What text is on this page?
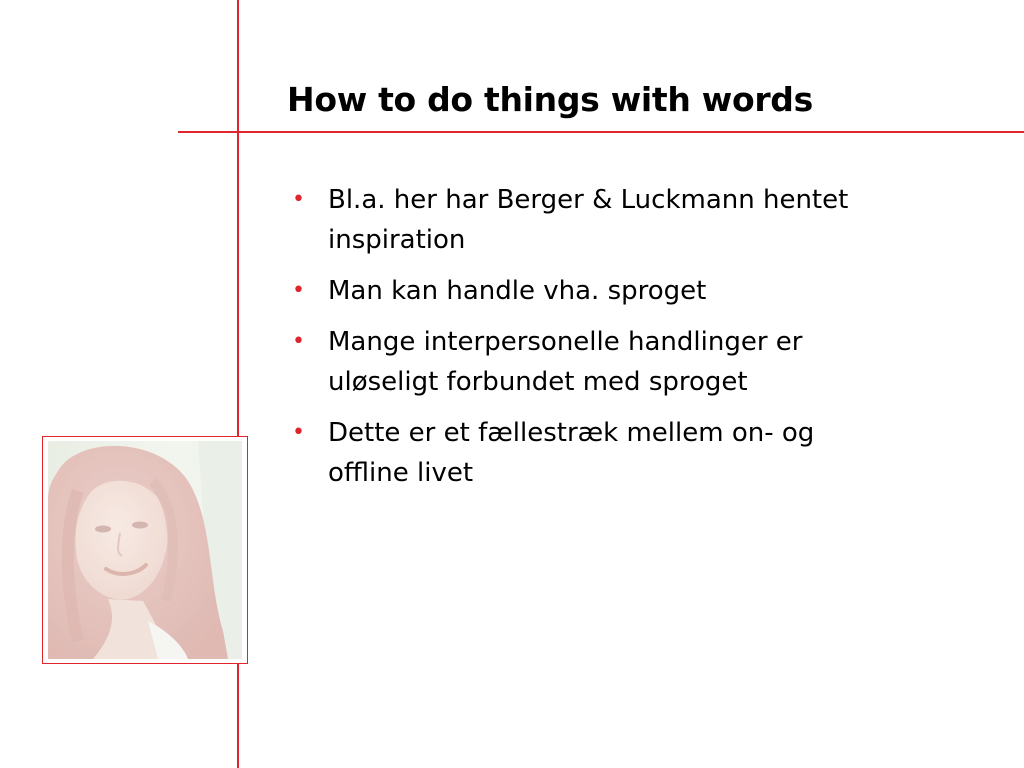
How to do things with words
• Bl.a. her har Berger & Luckmann hentet inspiration
• Man kan handle vha. sproget
• Mange interpersonelle handlinger er uløseligt forbundet med sproget
• Dette er et fællestræk mellem on- og offline livet
